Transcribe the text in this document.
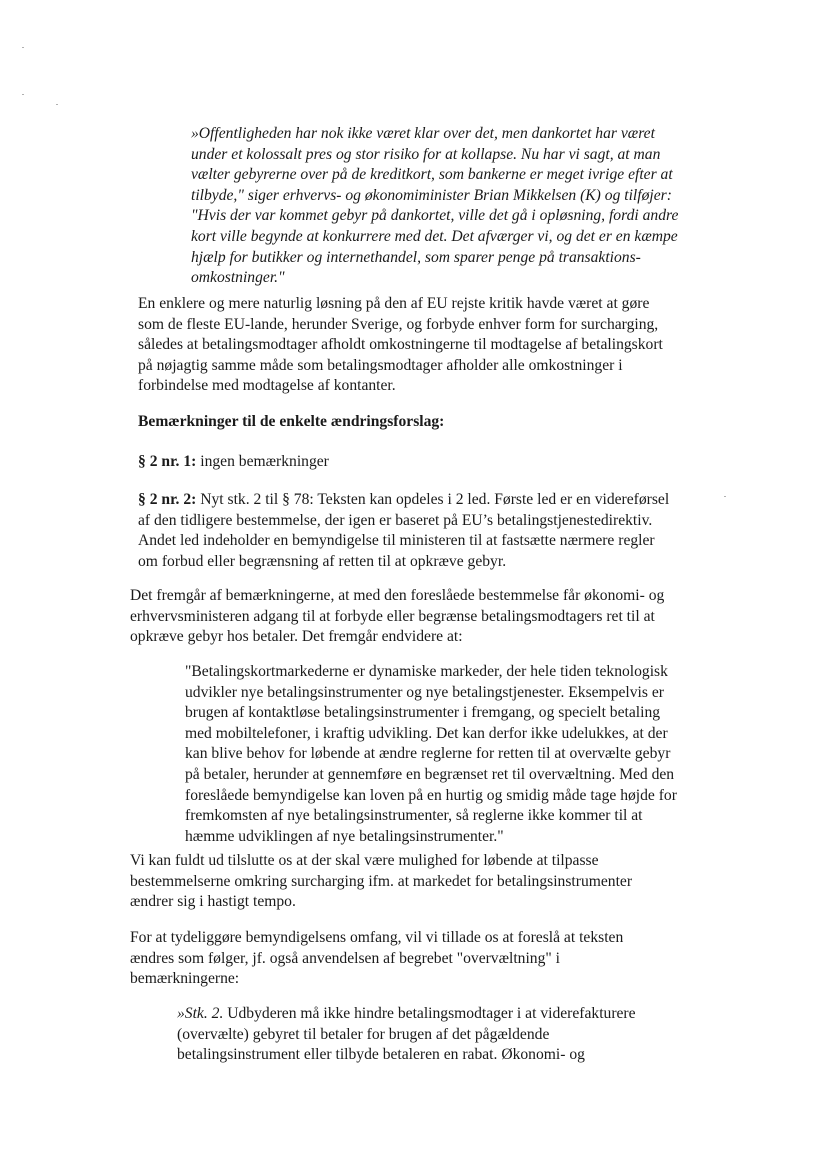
»Offentligheden har nok ikke været klar over det, men dankortet har været
under et kolossalt pres og stor risiko for at kollapse. Nu har vi sagt, at man
vælter gebyrerne over på de kreditkort, som bankerne er meget ivrige efter at
tilbyde," siger erhvervs- og økonomiminister Brian Mikkelsen (K) og tilføjer:
"Hvis der var kommet gebyr på dankortet, ville det gå i opløsning, fordi andre
kort ville begynde at konkurrere med det. Det afværger vi, og det er en kæmpe
hjælp for butikker og internethandel, som sparer penge på transaktions-
omkostninger."
En enklere og mere naturlig løsning på den af EU rejste kritik havde været at gøre
som de fleste EU-lande, herunder Sverige, og forbyde enhver form for surcharging,
således at betalingsmodtager afholdt omkostningerne til modtagelse af betalingskort
på nøjagtig samme måde som betalingsmodtager afholder alle omkostninger i
forbindelse med modtagelse af kontanter.
Bemærkninger til de enkelte ændringsforslag:
§ 2 nr. 1: ingen bemærkninger
§ 2 nr. 2: Nyt stk. 2 til § 78: Teksten kan opdeles i 2 led. Første led er en videreførsel
af den tidligere bestemmelse, der igen er baseret på EU’s betalingstjenestedirektiv.
Andet led indeholder en bemyndigelse til ministeren til at fastsætte nærmere regler
om forbud eller begrænsning af retten til at opkræve gebyr.
Det fremgår af bemærkningerne, at med den foreslåede bestemmelse får økonomi- og
erhvervsministeren adgang til at forbyde eller begrænse betalingsmodtagers ret til at
opkræve gebyr hos betaler. Det fremgår endvidere at:
"Betalingskortmarkederne er dynamiske markeder, der hele tiden teknologisk
udvikler nye betalingsinstrumenter og nye betalingstjenester. Eksempelvis er
brugen af kontaktløse betalingsinstrumenter i fremgang, og specielt betaling
med mobiltelefoner, i kraftig udvikling. Det kan derfor ikke udelukkes, at der
kan blive behov for løbende at ændre reglerne for retten til at overvælte gebyr
på betaler, herunder at gennemføre en begrænset ret til overvæltning. Med den
foreslåede bemyndigelse kan loven på en hurtig og smidig måde tage højde for
fremkomsten af nye betalingsinstrumenter, så reglerne ikke kommer til at
hæmme udviklingen af nye betalingsinstrumenter."
Vi kan fuldt ud tilslutte os at der skal være mulighed for løbende at tilpasse
bestemmelserne omkring surcharging ifm. at markedet for betalingsinstrumenter
ændrer sig i hastigt tempo.
For at tydeliggøre bemyndigelsens omfang, vil vi tillade os at foreslå at teksten
ændres som følger, jf. også anvendelsen af begrebet "overvæltning" i
bemærkningerne:
»Stk. 2. Udbyderen må ikke hindre betalingsmodtager i at viderefakturere
(overvælte) gebyret til betaler for brugen af det pågældende
betalingsinstrument eller tilbyde betaleren en rabat. Økonomi- og
